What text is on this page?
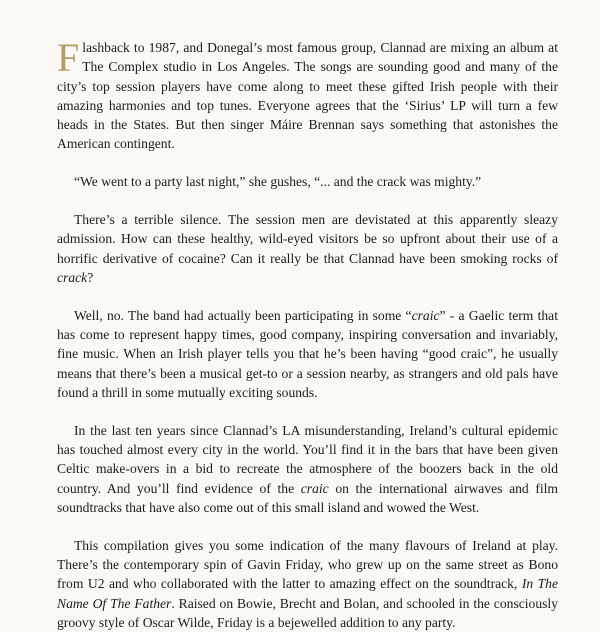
Flashback to 1987, and Donegal’s most famous group, Clannad are mixing an album at The Complex studio in Los Angeles. The songs are sounding good and many of the city’s top session players have come along to meet these gifted Irish people with their amazing harmonies and top tunes. Everyone agrees that the ‘Sirius’ LP will turn a few heads in the States. But then singer Máire Brennan says something that astonishes the American contingent.

“We went to a party last night,” she gushes, “... and the crack was mighty.”

There’s a terrible silence. The session men are devistated at this apparently sleazy admission. How can these healthy, wild-eyed visitors be so upfront about their use of a horrific derivative of cocaine? Can it really be that Clannad have been smoking rocks of crack?

Well, no. The band had actually been participating in some “craic” - a Gaelic term that has come to represent happy times, good company, inspiring conversation and invariably, fine music. When an Irish player tells you that he’s been having “good craic”, he usually means that there’s been a musical get-to or a session nearby, as strangers and old pals have found a thrill in some mutually exciting sounds.

In the last ten years since Clannad’s LA misunderstanding, Ireland’s cultural epidemic has touched almost every city in the world. You’ll find it in the bars that have been given Celtic make-overs in a bid to recreate the atmosphere of the boozers back in the old country. And you’ll find evidence of the craic on the international airwaves and film soundtracks that have also come out of this small island and wowed the West.

This compilation gives you some indication of the many flavours of Ireland at play. There’s the contemporary spin of Gavin Friday, who grew up on the same street as Bono from U2 and who collaborated with the latter to amazing effect on the soundtrack, In The Name Of The Father. Raised on Bowie, Brecht and Bolan, and schooled in the consciously groovy style of Oscar Wilde, Friday is a bejewelled addition to any party.
